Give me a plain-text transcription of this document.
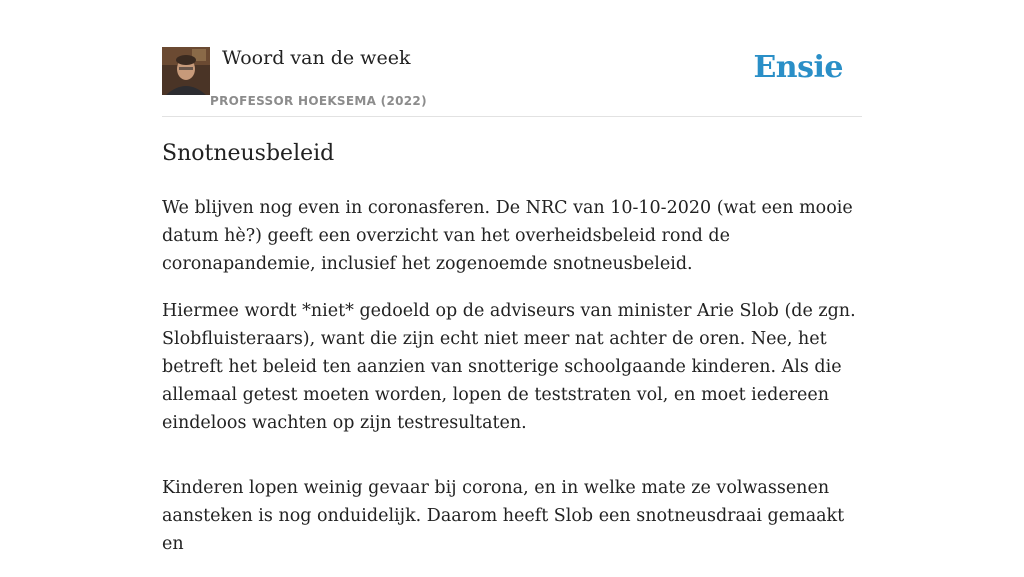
Woord van de week
PROFESSOR HOEKSEMA (2022)
Ensie
Snotneusbeleid

We blijven nog even in coronasferen. De NRC van 10-10-2020 (wat een mooie datum hè?) geeft een overzicht van het overheidsbeleid rond de coronapandemie, inclusief het zogenoemde snotneusbeleid.

Hiermee wordt *niet* gedoeld op de adviseurs van minister Arie Slob (de zgn. Slobfluisteraars), want die zijn echt niet meer nat achter de oren. Nee, het betreft het beleid ten aanzien van snotterige schoolgaande kinderen. Als die allemaal getest moeten worden, lopen de teststraten vol, en moet iedereen eindeloos wachten op zijn testresultaten.

Kinderen lopen weinig gevaar bij corona, en in welke mate ze volwassenen aansteken is nog onduidelijk. Daarom heeft Slob een snotneusdraai gemaakt en
